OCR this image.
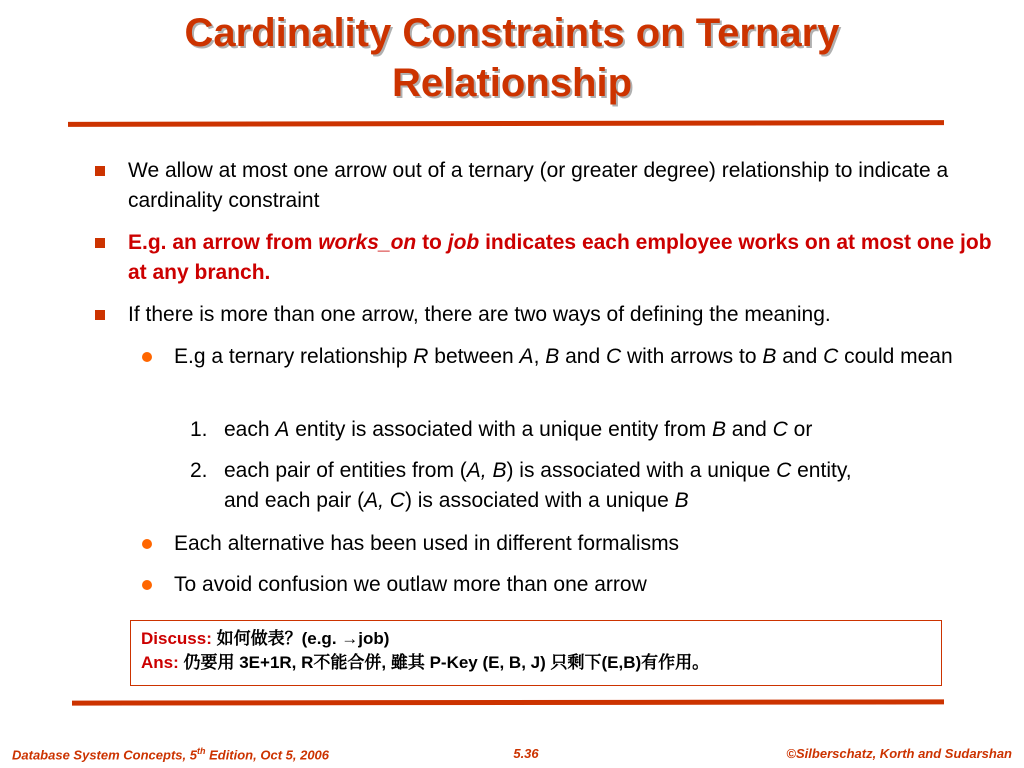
Cardinality Constraints on Ternary
Relationship
We allow at most one arrow out of a ternary (or greater degree) relationship to indicate a cardinality constraint
E.g. an arrow from works_on to job indicates each employee works on at most one job at any branch.
If there is more than one arrow, there are two ways of defining the meaning.
E.g a ternary relationship R between A, B and C with arrows to B and C could mean
1. each A entity is associated with a unique entity from B and C or
2. each pair of entities from (A, B) is associated with a unique C entity,
and each pair (A, C) is associated with a unique B
Each alternative has been used in different formalisms
To avoid confusion we outlaw more than one arrow
Discuss: 如何做表？(e.g. →job)
Ans: 仍要用 3E+1R, R不能合併, 雖其 P-Key (E, B, J) 只剩下(E,B)有作用。
Database System Concepts, 5th Edition, Oct 5, 2006	5.36	©Silberschatz, Korth and Sudarshan
